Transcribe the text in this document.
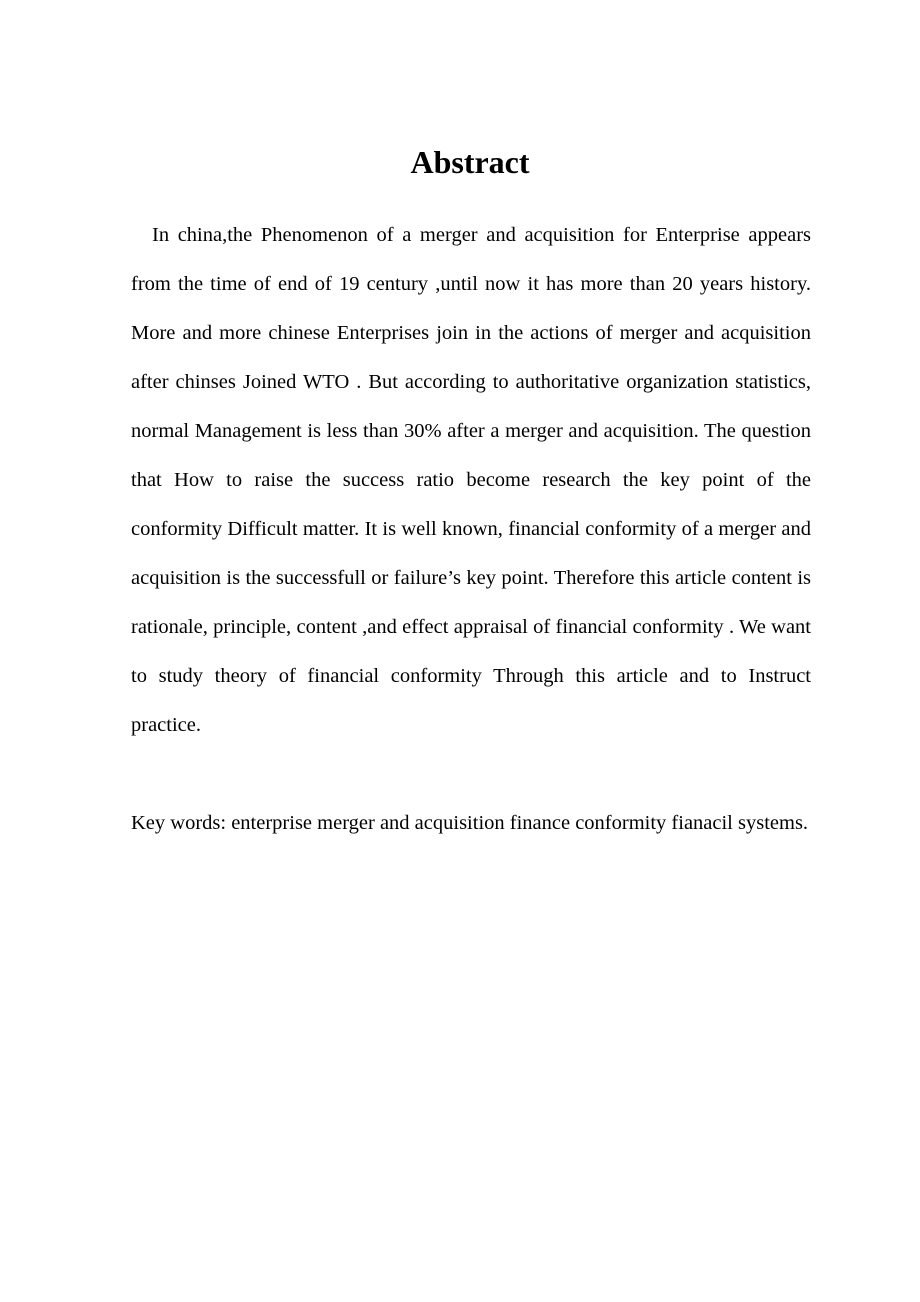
Abstract

In china,the Phenomenon of a merger and acquisition for Enterprise appears from the time of end of 19 century ,until now it has more than 20 years history. More and more chinese Enterprises join in the actions of merger and acquisition after chinses Joined WTO . But according to authoritative organization statistics, normal Management is less than 30% after a merger and acquisition. The question that How to raise the success ratio become research the key point of the conformity Difficult matter. It is well known, financial conformity of a merger and acquisition is the successfull or failure’s key point. Therefore this article content is rationale, principle, content ,and effect appraisal of financial conformity . We want to study theory of financial conformity Through this article and to Instruct practice.

Key words: enterprise merger and acquisition finance conformity fianacil systems.
